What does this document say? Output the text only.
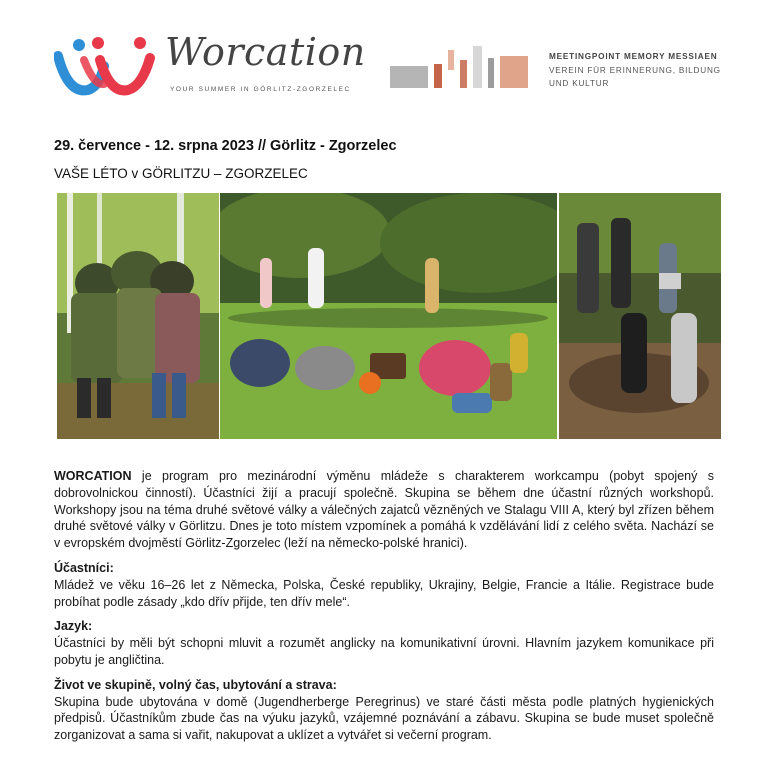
Worcation
YOUR SUMMER IN GÖRLITZ-ZGORZELEC
MEETINGPOINT MEMORY MESSIAEN
VEREIN FÜR ERINNERUNG, BILDUNG
UND KULTUR
29. července - 12. srpna 2023 // Görlitz - Zgorzelec
VAŠE LÉTO v GÖRLITZU – ZGORZELEC

WORCATION je program pro mezinárodní výměnu mládeže s charakterem workcampu (pobyt spojený s dobrovolnickou činností). Účastníci žijí a pracují společně. Skupina se během dne účastní různých workshopů. Workshopy jsou na téma druhé světové války a válečných zajatců vězněných ve Stalagu VIII A, který byl zřízen během druhé světové války v Görlitzu. Dnes je toto místem vzpomínek a pomáhá k vzdělávání lidí z celého světa. Nachází se v evropském dvojměstí Görlitz-Zgorzelec (leží na německo-polské hranici).

Účastníci:

Mládež ve věku 16–26 let z Německa, Polska, České republiky, Ukrajiny, Belgie, Francie a Itálie. Registrace bude probíhat podle zásady „kdo dřív přijde, ten dřív mele“.

Jazyk:

Účastníci by měli být schopni mluvit a rozumět anglicky na komunikativní úrovni. Hlavním jazykem komunikace při pobytu je angličtina.

Život ve skupině, volný čas, ubytování a strava:

Skupina bude ubytována v domě (Jugendherberge Peregrinus) ve staré části města podle platných hygienických předpisů. Účastníkům zbude čas na výuku jazyků, vzájemné poznávání a zábavu. Skupina se bude muset společně zorganizovat a sama si vařit, nakupovat a uklízet a vytvářet si večerní program.
